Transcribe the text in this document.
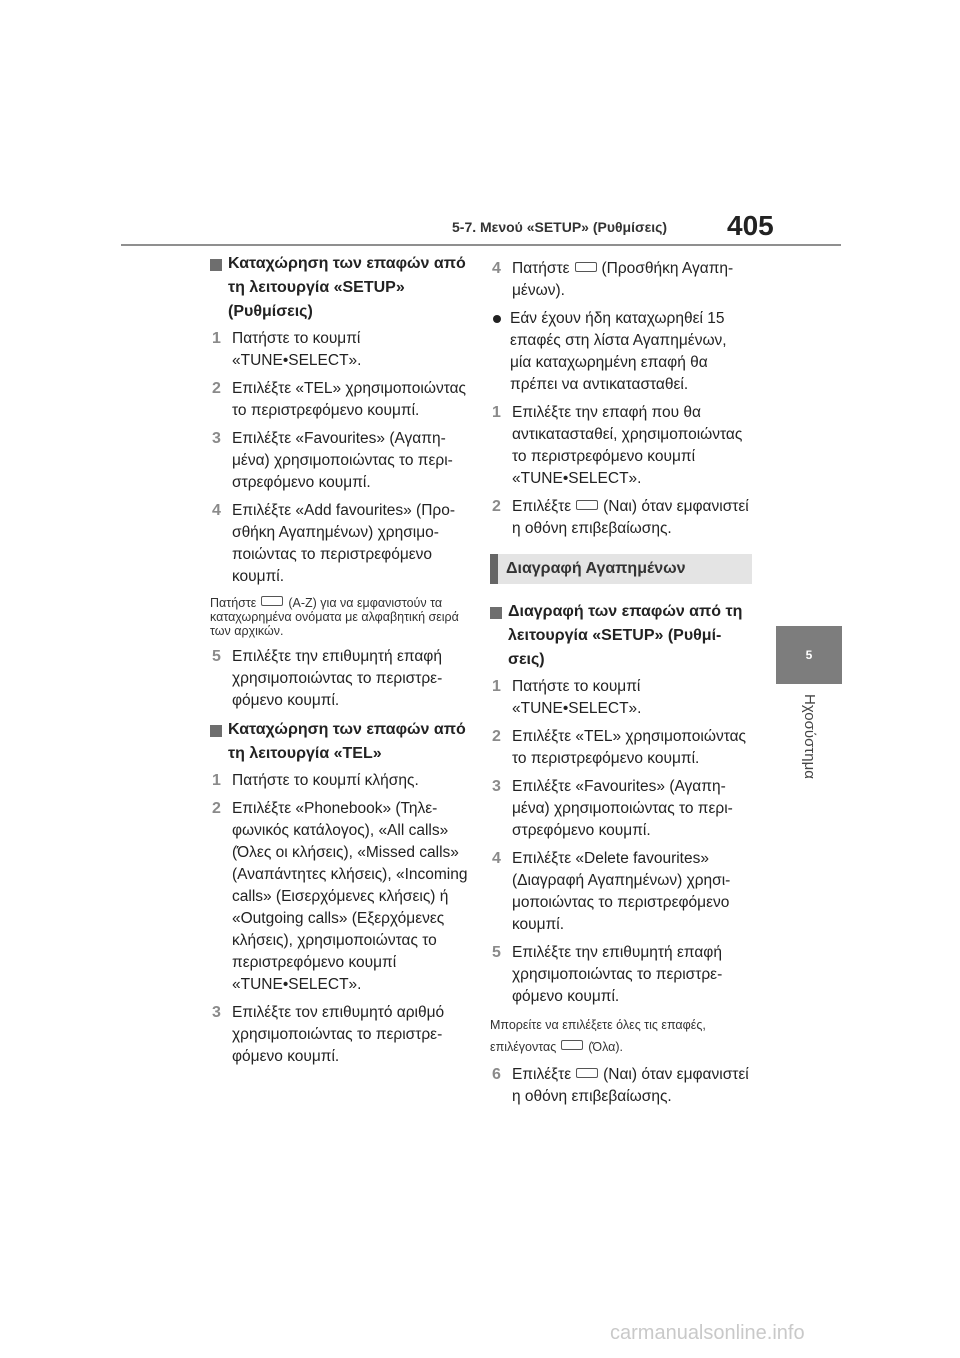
5-7. Μενού «SETUP» (Ρυθμίσεις) 405
5
Ηχοσύστημα
Καταχώρηση των επαφών από τη λειτουργία «SETUP» (Ρυθμίσεις)
1 Πατήστε το κουμπί «TUNE•SELECT».
2 Επιλέξτε «TEL» χρησιμοποιώντας το περιστρεφόμενο κουμπί.
3 Επιλέξτε «Favourites» (Αγαπημένα) χρησιμοποιώντας το περιστρεφόμενο κουμπί.
4 Επιλέξτε «Add favourites» (Προσθήκη Αγαπημένων) χρησιμοποιώντας το περιστρεφόμενο κουμπί.
Πατήστε	(A-Z) για να εμφανιστούν τα καταχωρημένα ονόματα με αλφαβητική σειρά των αρχικών.
5 Επιλέξτε την επιθυμητή επαφή χρησιμοποιώντας το περιστρεφόμενο κουμπί.
Καταχώρηση των επαφών από τη λειτουργία «TEL»
1 Πατήστε το κουμπί κλήσης.
2 Επιλέξτε «Phonebook» (Τηλεφωνικός κατάλογος), «All calls» (Όλες οι κλήσεις), «Missed calls» (Αναπάντητες κλήσεις), «Incoming calls» (Εισερχόμενες κλήσεις) ή «Outgoing calls» (Εξερχόμενες κλήσεις), χρησιμοποιώντας το περιστρεφόμενο κουμπί «TUNE•SELECT».
3 Επιλέξτε τον επιθυμητό αριθμό χρησιμοποιώντας το περιστρεφόμενο κουμπί.
4 Πατήστε (Προσθήκη Αγαπημένων).
Εάν έχουν ήδη καταχωρηθεί 15 επαφές στη λίστα Αγαπημένων, μία καταχωρημένη επαφή θα πρέπει να αντικατασταθεί.
1 Επιλέξτε την επαφή που θα αντικατασταθεί, χρησιμοποιώντας το περιστρεφόμενο κουμπί «TUNE•SELECT».
2 Επιλέξτε (Ναι) όταν εμφανιστεί η οθόνη επιβεβαίωσης.
Διαγραφή Αγαπημένων
Διαγραφή των επαφών από τη λειτουργία «SETUP» (Ρυθμίσεις)
1 Πατήστε το κουμπί «TUNE•SELECT».
2 Επιλέξτε «TEL» χρησιμοποιώντας το περιστρεφόμενο κουμπί.
3 Επιλέξτε «Favourites» (Αγαπημένα) χρησιμοποιώντας το περιστρεφόμενο κουμπί.
4 Επιλέξτε «Delete favourites» (Διαγραφή Αγαπημένων) χρησιμοποιώντας το περιστρεφόμενο κουμπί.
5 Επιλέξτε την επιθυμητή επαφή χρησιμοποιώντας το περιστρεφόμενο κουμπί.
Μπορείτε να επιλέξετε όλες τις επαφές, επιλέγοντας	(Όλα).
6 Επιλέξτε (Ναι) όταν εμφανιστεί η οθόνη επιβεβαίωσης.
carmanualsonline.info
